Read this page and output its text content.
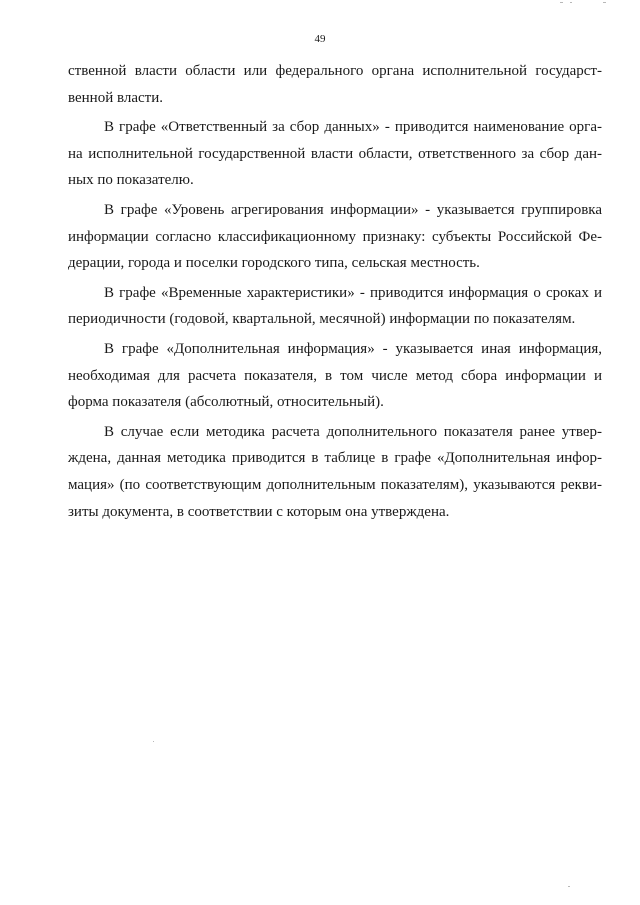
49
ственной власти области или федерального органа исполнительной государст-
венной власти.
В графе «Ответственный за сбор данных» - приводится наименование орга-
на исполнительной государственной власти области, ответственного за сбор дан-
ных по показателю.
В графе «Уровень агрегирования информации» - указывается группировка
информации согласно классификационному признаку: субъекты Российской Фе-
дерации, города и поселки городского типа, сельская местность.
В графе «Временные характеристики» - приводится информация о сроках и
периодичности (годовой, квартальной, месячной) информации по показателям.
В графе «Дополнительная информация» - указывается иная информация,
необходимая для расчета показателя, в том числе метод сбора информации и
форма показателя (абсолютный, относительный).
В случае если методика расчета дополнительного показателя ранее утвер-
ждена, данная методика приводится в таблице в графе «Дополнительная инфор-
мация» (по соответствующим дополнительным показателям), указываются рекви-
зиты документа, в соответствии с которым она утверждена.
